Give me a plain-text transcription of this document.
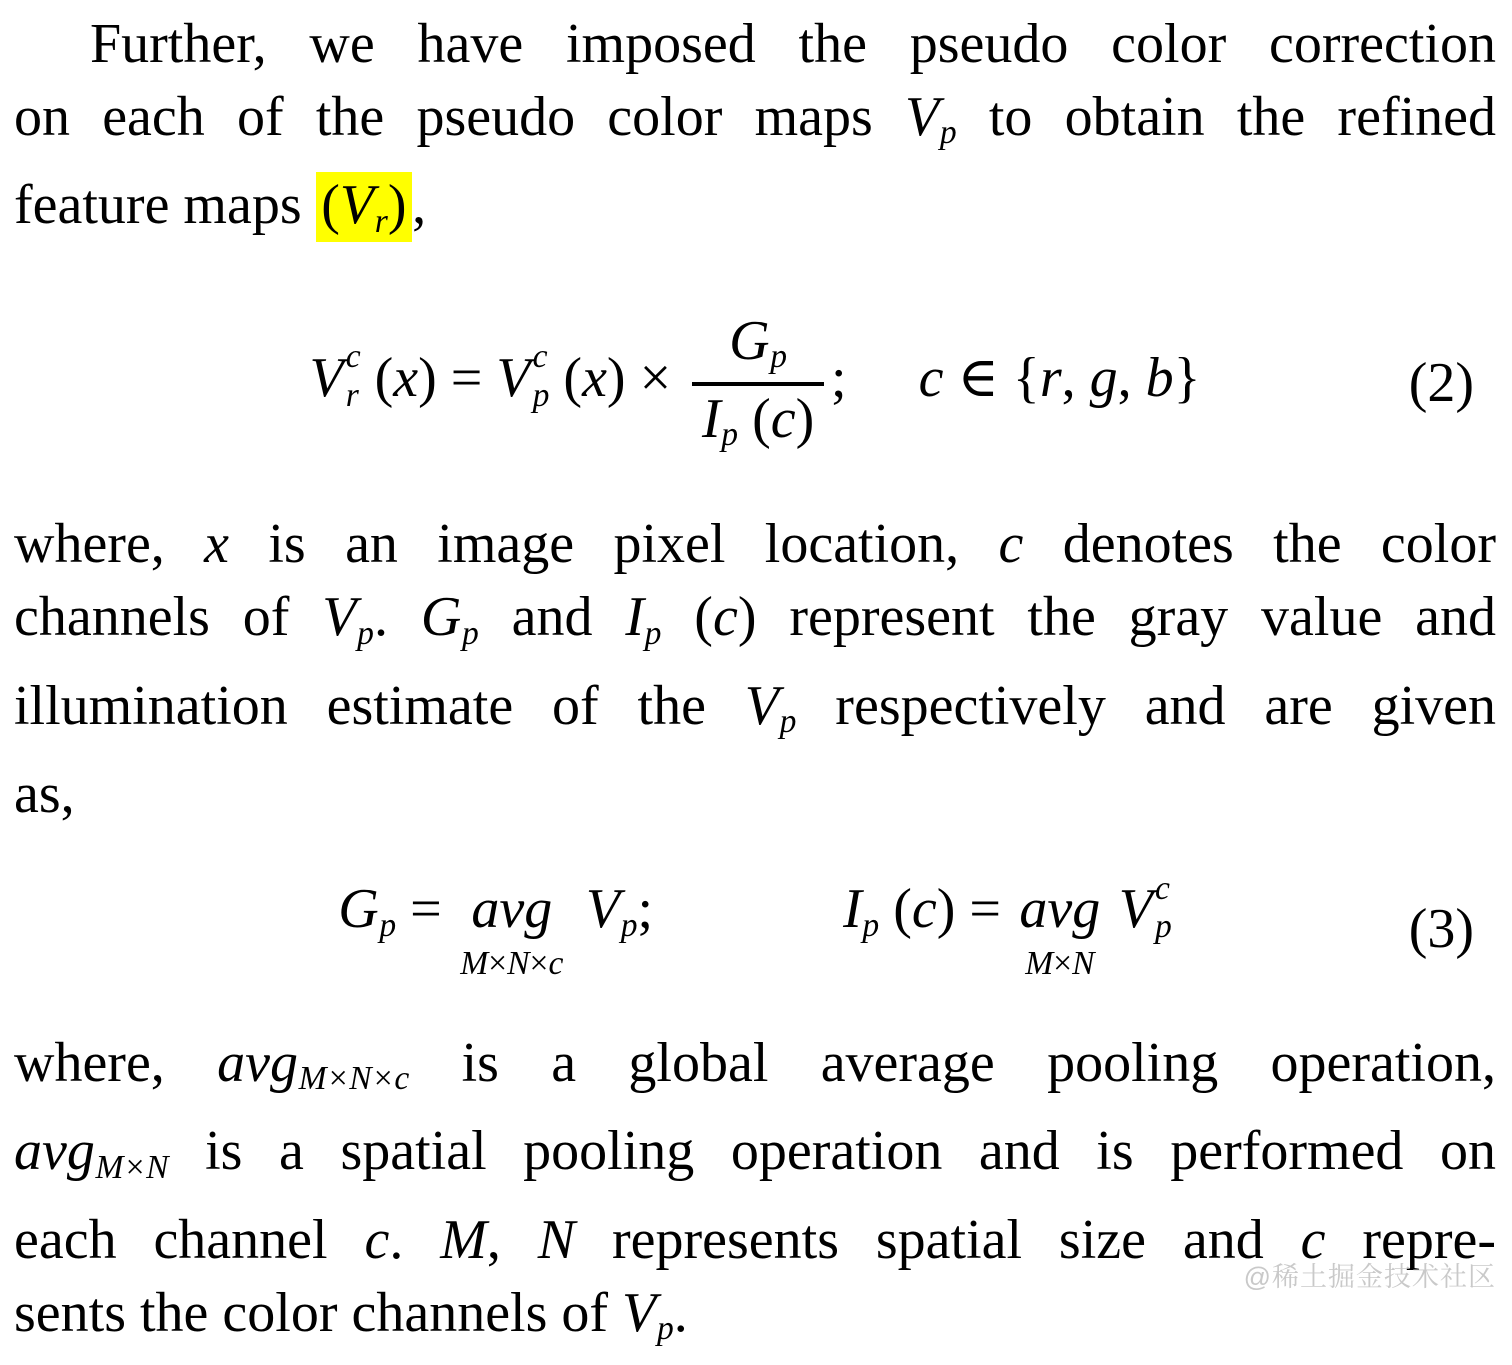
Further, we have imposed the pseudo color correction
on each of the pseudo color maps Vp to obtain the refined
feature maps (Vr),
V c
r (x) = V c
p $(x) \times \frac{Gp}{Ip (c)}$ ; c ∈ {r, g, b}	(2)
where, x is an image pixel location, c denotes the color
channels of Vp. Gp and Ip (c) represent the gray value and
illumination estimate of the Vp respectively and are given
as,
Gp = avg
M×N×c
Vp;	Ip (c) = avg
M×N
V c
p	(3)
where, avgM×N×c is a global average pooling operation,
avgM×N is a spatial pooling operation and is performed on
each channel c. M, N represents spatial size and c repre-
sents the color channels of Vp.
@稀土掘金技术社区
